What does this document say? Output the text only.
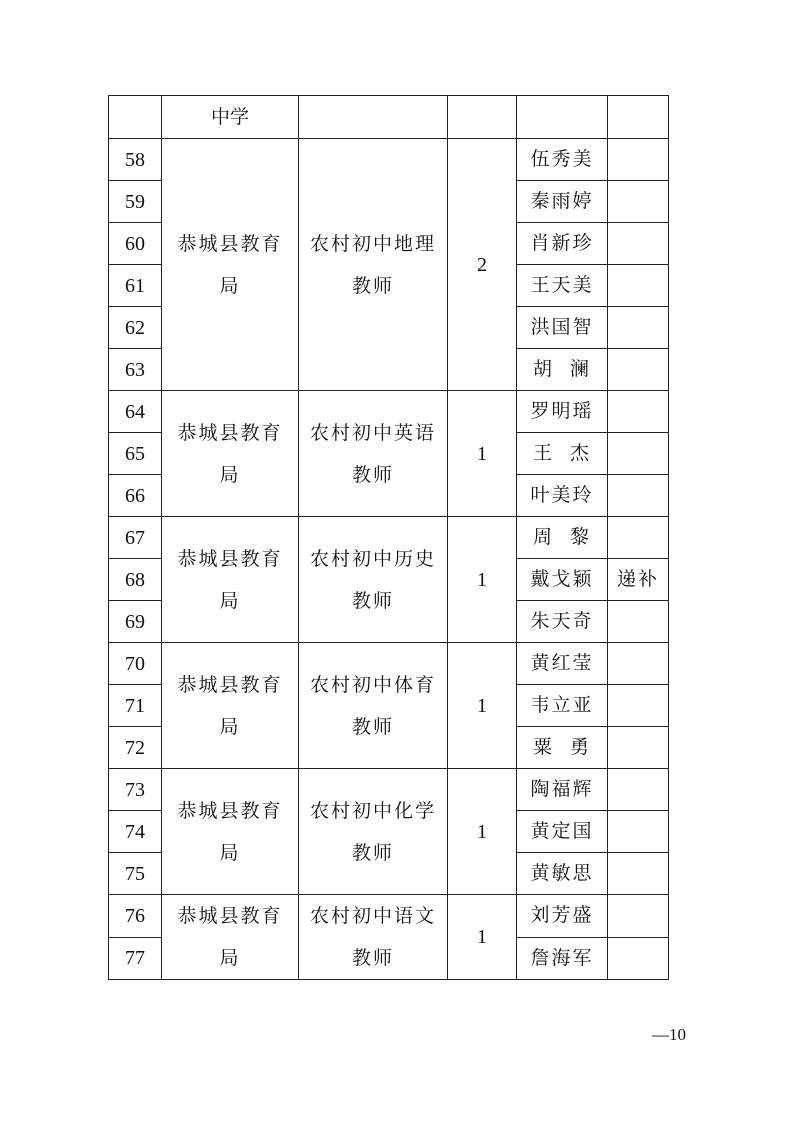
	中学				
58	恭城县教育局	农村初中地理教师	2	伍秀美	
59				秦雨婷	
60				肖新珍	
61				王天美	
62				洪国智	
63				胡  澜	
64	恭城县教育局	农村初中英语教师	1	罗明瑶	
65				王  杰	
66				叶美玲	
67	恭城县教育局	农村初中历史教师	1	周  黎	
68				戴戈颖	递补
69				朱天奇	
70	恭城县教育局	农村初中体育教师	1	黄红莹	
71				韦立亚	
72				粟  勇	
73	恭城县教育局	农村初中化学教师	1	陶福辉	
74				黄定国	
75				黄敏思	
76	恭城县教育局	农村初中语文教师	1	刘芳盛	
77				詹海军	
—10
